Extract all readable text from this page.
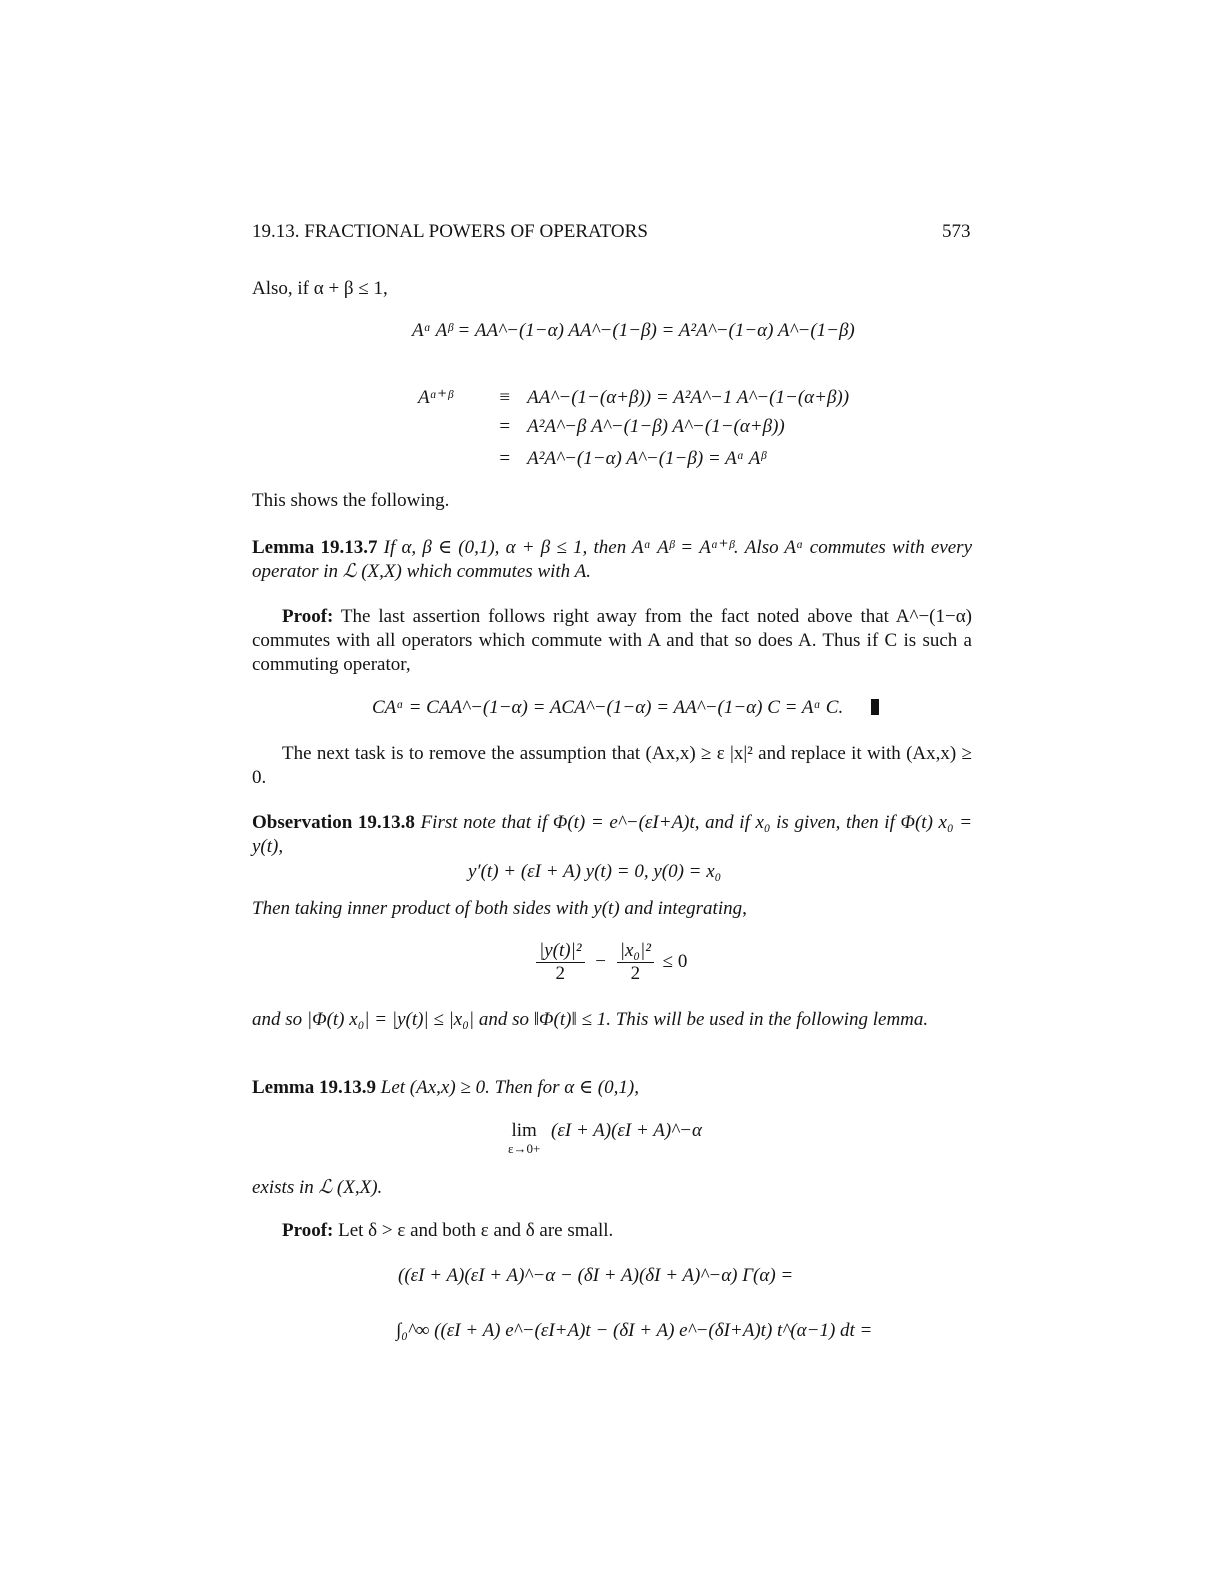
19.13. FRACTIONAL POWERS OF OPERATORS	573
Also, if α + β ≤ 1,
Aᵅ Aᵝ = AA^−(1−α) AA^−(1−β) = A²A^−(1−α) A^−(1−β)
Aᵅ⁺ᵝ ≡ AA^−(1−(α+β)) = A²A^−1 A^−(1−(α+β))
= A²A^−β A^−(1−β) A^−(1−(α+β))
= A²A^−(1−α) A^−(1−β) = Aᵅ Aᵝ
This shows the following.
Lemma 19.13.7 If α, β ∈ (0,1), α + β ≤ 1, then Aᵅ Aᵝ = Aᵅ⁺ᵝ. Also Aᵅ commutes with every operator in ℒ (X,X) which commutes with A.
Proof: The last assertion follows right away from the fact noted above that A^−(1−α) commutes with all operators which commute with A and that so does A. Thus if C is such a commuting operator,
CAᵅ = CAA^−(1−α) = ACA^−(1−α) = AA^−(1−α) C = Aᵅ C.
The next task is to remove the assumption that (Ax,x) ≥ ε |x|² and replace it with (Ax,x) ≥ 0.
Observation 19.13.8 First note that if Φ(t) = e^−(εI+A)t, and if x₀ is given, then if Φ(t) x₀ = y(t),
y′(t) + (εI + A) y(t) = 0, y(0) = x₀
Then taking inner product of both sides with y(t) and integrating,
$\frac{\text{|y(t)|²}}{2} - \frac{\text{|x₀|²}}{2} \le 0$
and so |Φ(t) x₀| = |y(t)| ≤ |x₀| and so ‖Φ(t)‖ ≤ 1. This will be used in the following lemma.
Lemma 19.13.9 Let (Ax,x) ≥ 0. Then for α ∈ (0,1),
lim
ε→0+
(εI + A)(εI + A)^−α
exists in ℒ (X,X).
Proof: Let δ > ε and both ε and δ are small.
((εI + A)(εI + A)^−α − (δI + A)(δI + A)^−α) Γ(α) =
∫₀^∞ ((εI + A) e^−(εI+A)t − (δI + A) e^−(δI+A)t) t^(α−1) dt =
